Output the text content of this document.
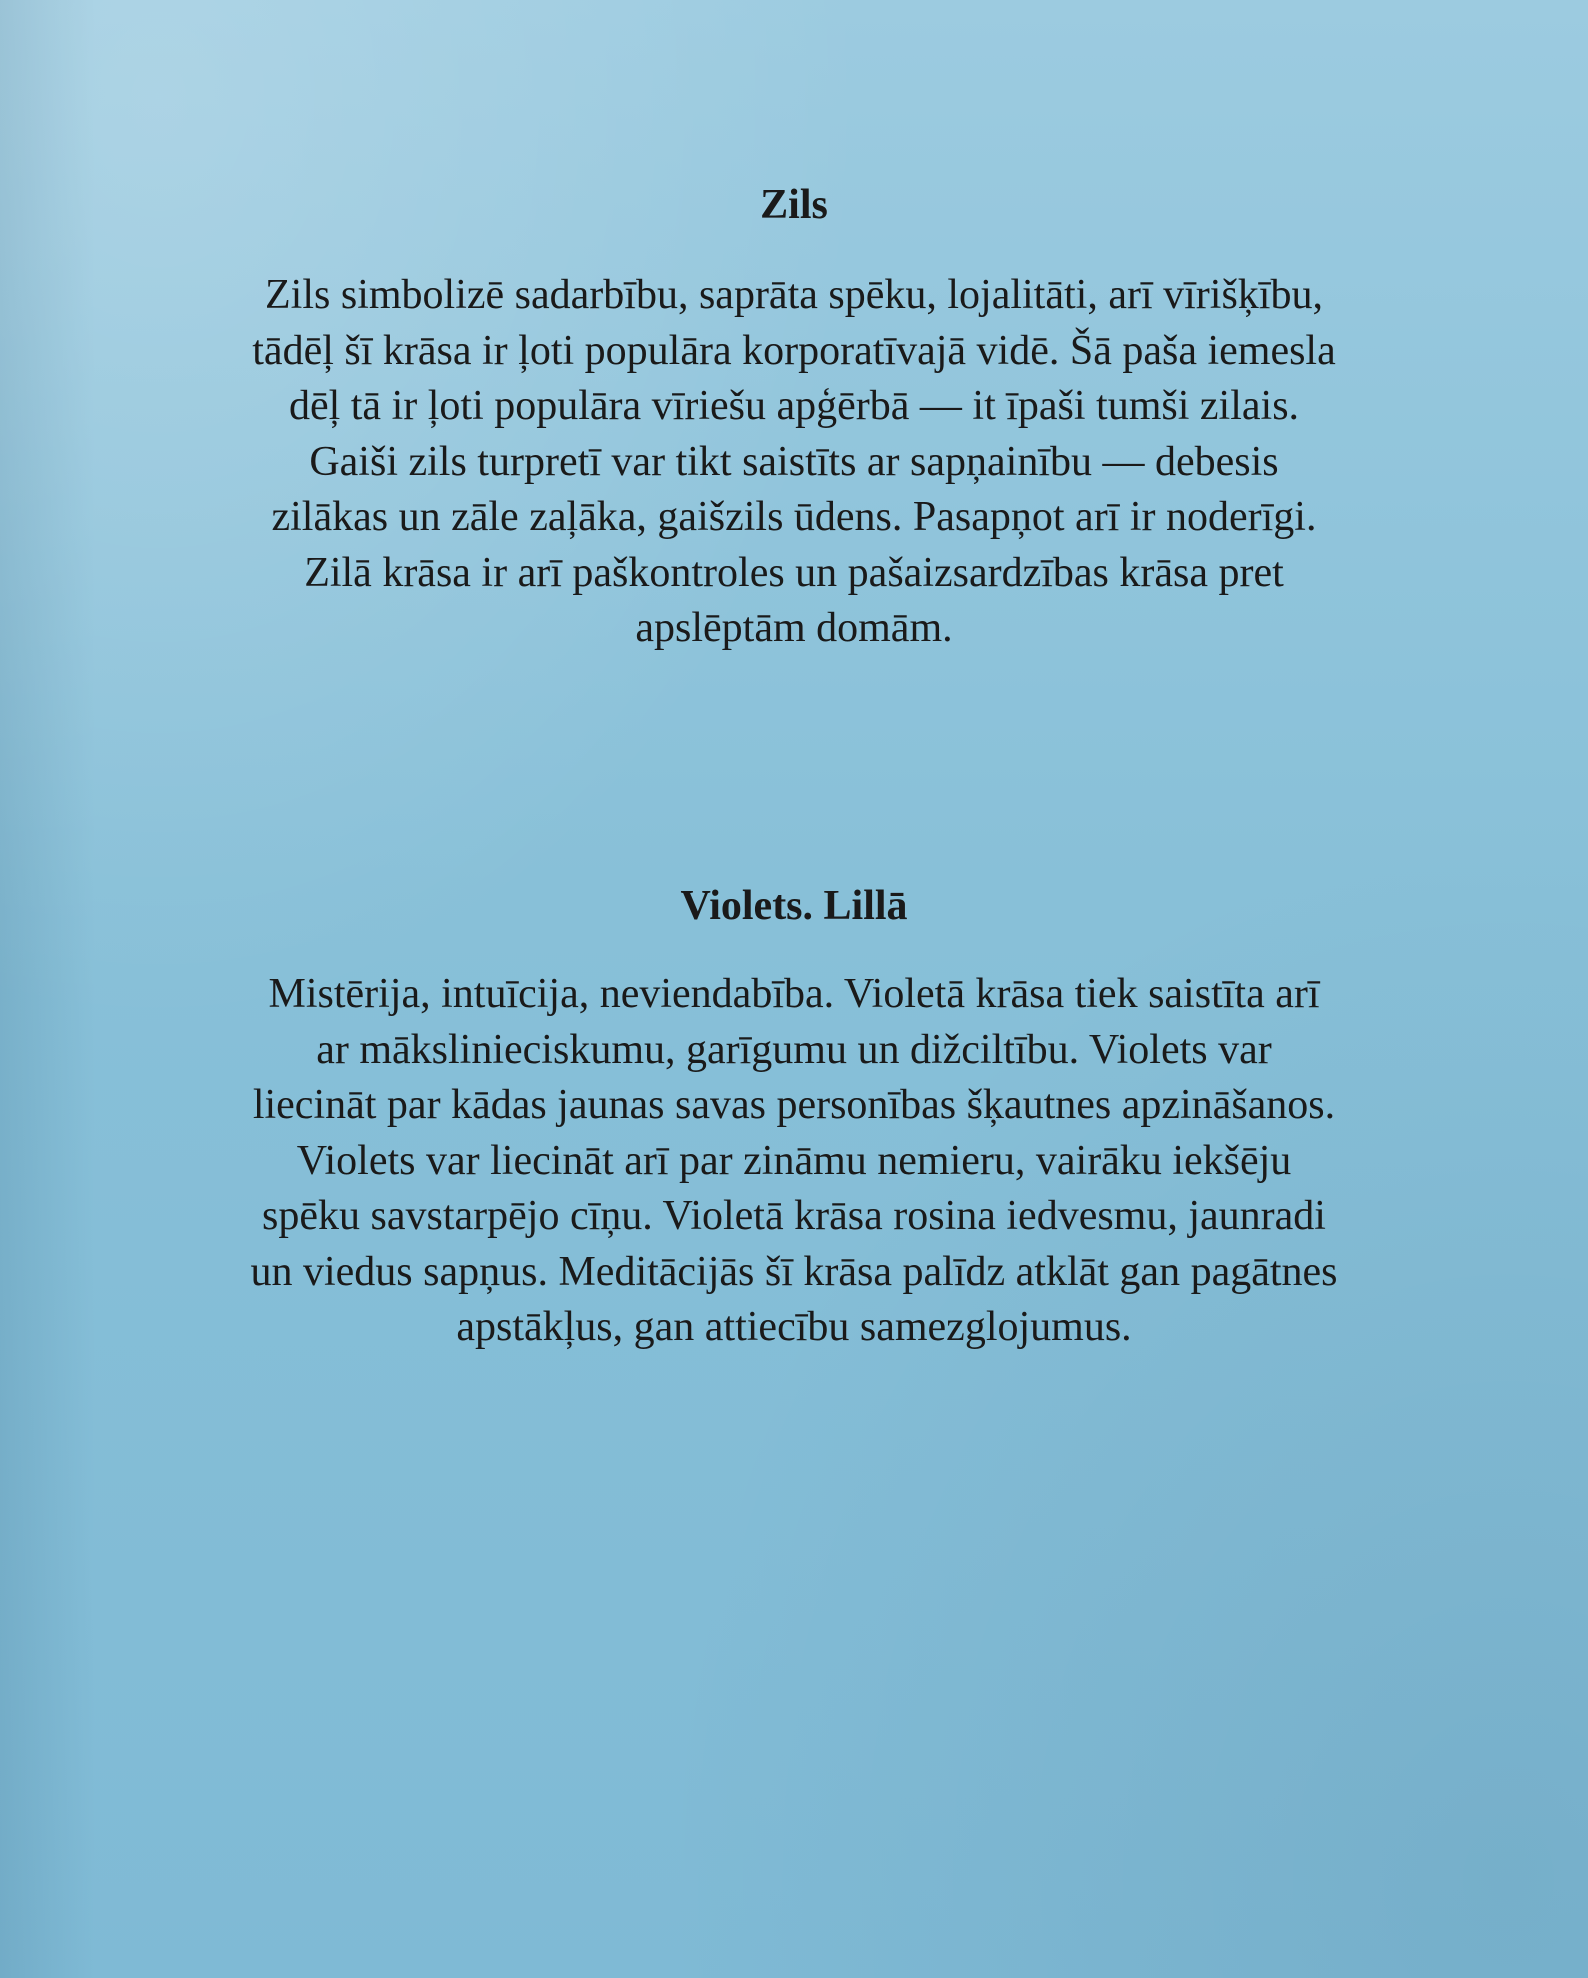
Zils
Zils simbolizē sadarbību, saprāta spēku, lojalitāti, arī vīrišķību,
tādēļ šī krāsa ir ļoti populāra korporatīvajā vidē. Šā paša iemesla
dēļ tā ir ļoti populāra vīriešu apģērbā — it īpaši tumši zilais.
Gaiši zils turpretī var tikt saistīts ar sapņainību — debesis
zilākas un zāle zaļāka, gaišzils ūdens. Pasapņot arī ir noderīgi.
Zilā krāsa ir arī paškontroles un pašaizsardzības krāsa pret
apslēptām domām.
Violets. Lillā
Mistērija, intuīcija, neviendabība. Violetā krāsa tiek saistīta arī
ar mākslinieciskumu, garīgumu un dižciltību. Violets var
liecināt par kādas jaunas savas personības šķautnes apzināšanos.
Violets var liecināt arī par zināmu nemieru, vairāku iekšēju
spēku savstarpējo cīņu. Violetā krāsa rosina iedvesmu, jaunradi
un viedus sapņus. Meditācijās šī krāsa palīdz atklāt gan pagātnes
apstākļus, gan attiecību samezglojumus.
